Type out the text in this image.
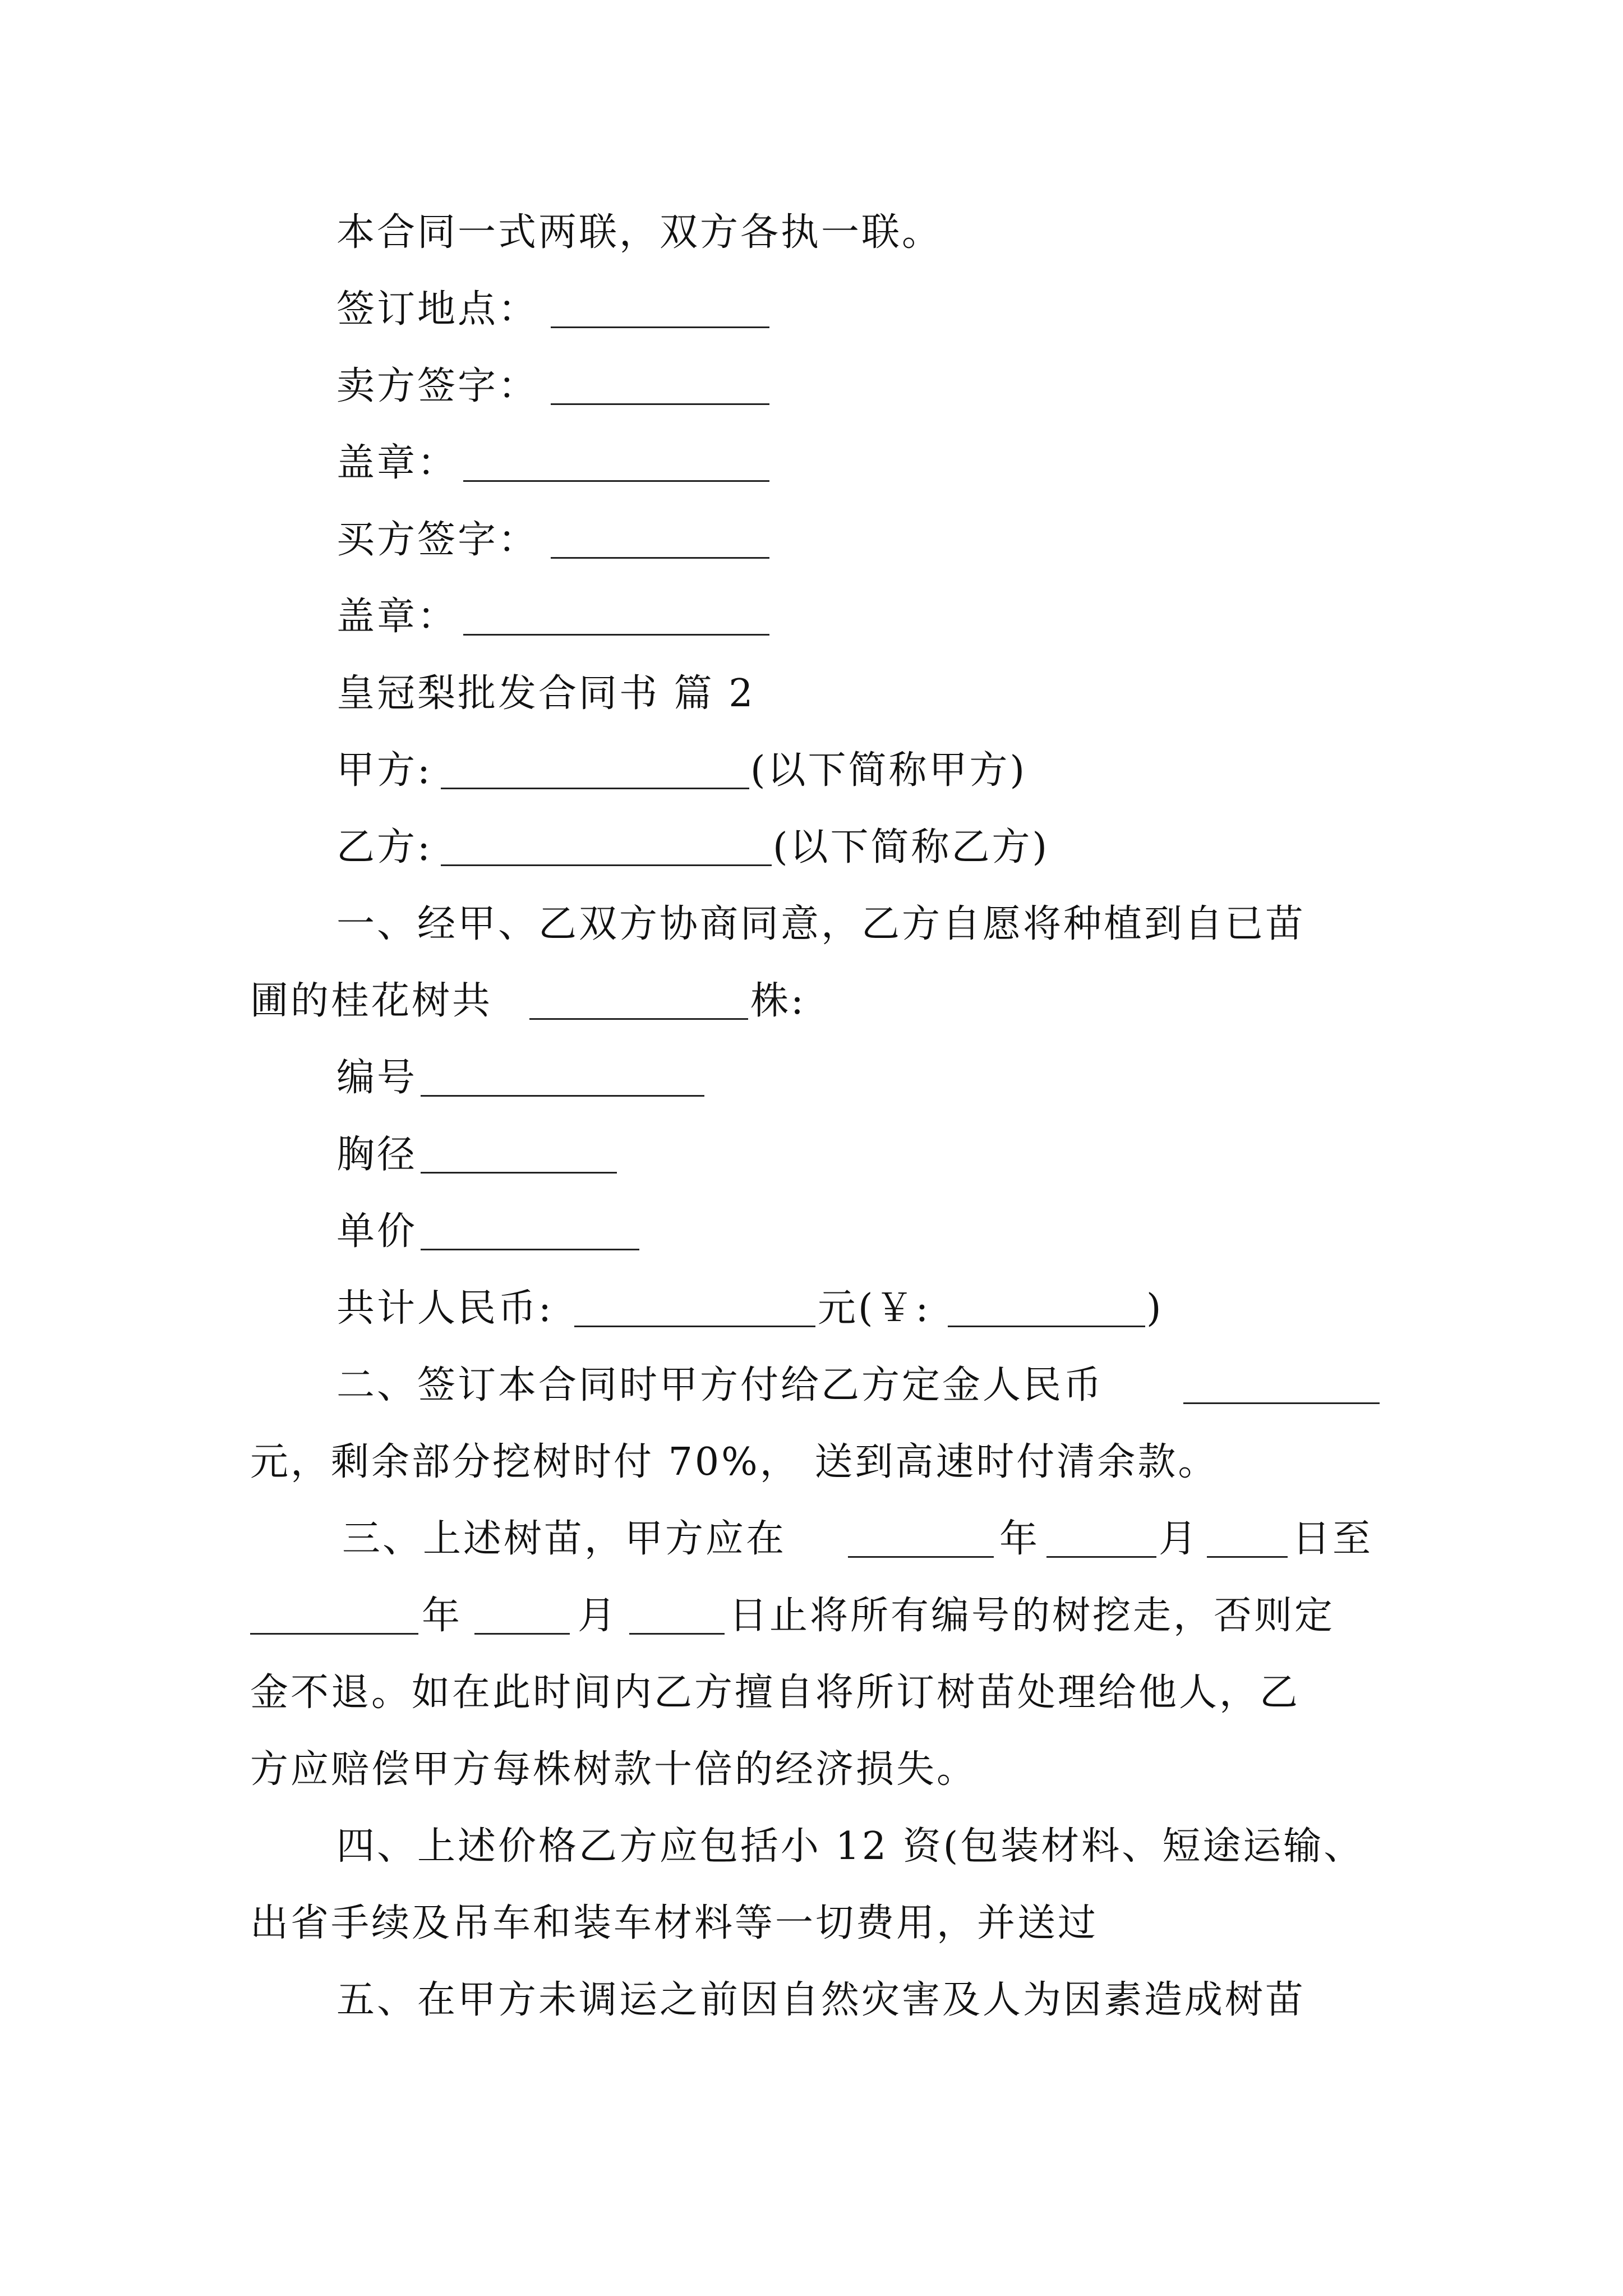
本合同一式两联，双方各执一联。
签订地点：
卖方签字：
盖章：
买方签字：
盖章：
皇冠梨批发合同书 篇 2
甲方:	(以下简称甲方)
乙方:	(以下简称乙方)
一、经甲、乙双方协商同意，乙方自愿将种植到自已苗
圃的桂花树共	株:
编号
胸径
单价
共计人民币:	元(￥:	)
二、签订本合同时甲方付给乙方定金人民币
元，剩余部分挖树时付 70%， 送到高速时付清余款。
三、上述树苗，甲方应在	年	月 日至
年	月	日止将所有编号的树挖走，否则定
金不退。如在此时间内乙方擅自将所订树苗处理给他人，乙
方应赔偿甲方每株树款十倍的经济损失。
四、上述价格乙方应包括小 12 资(包装材料、短途运输、
出省手续及吊车和装车材料等一切费用，并送过
五、在甲方未调运之前因自然灾害及人为因素造成树苗
